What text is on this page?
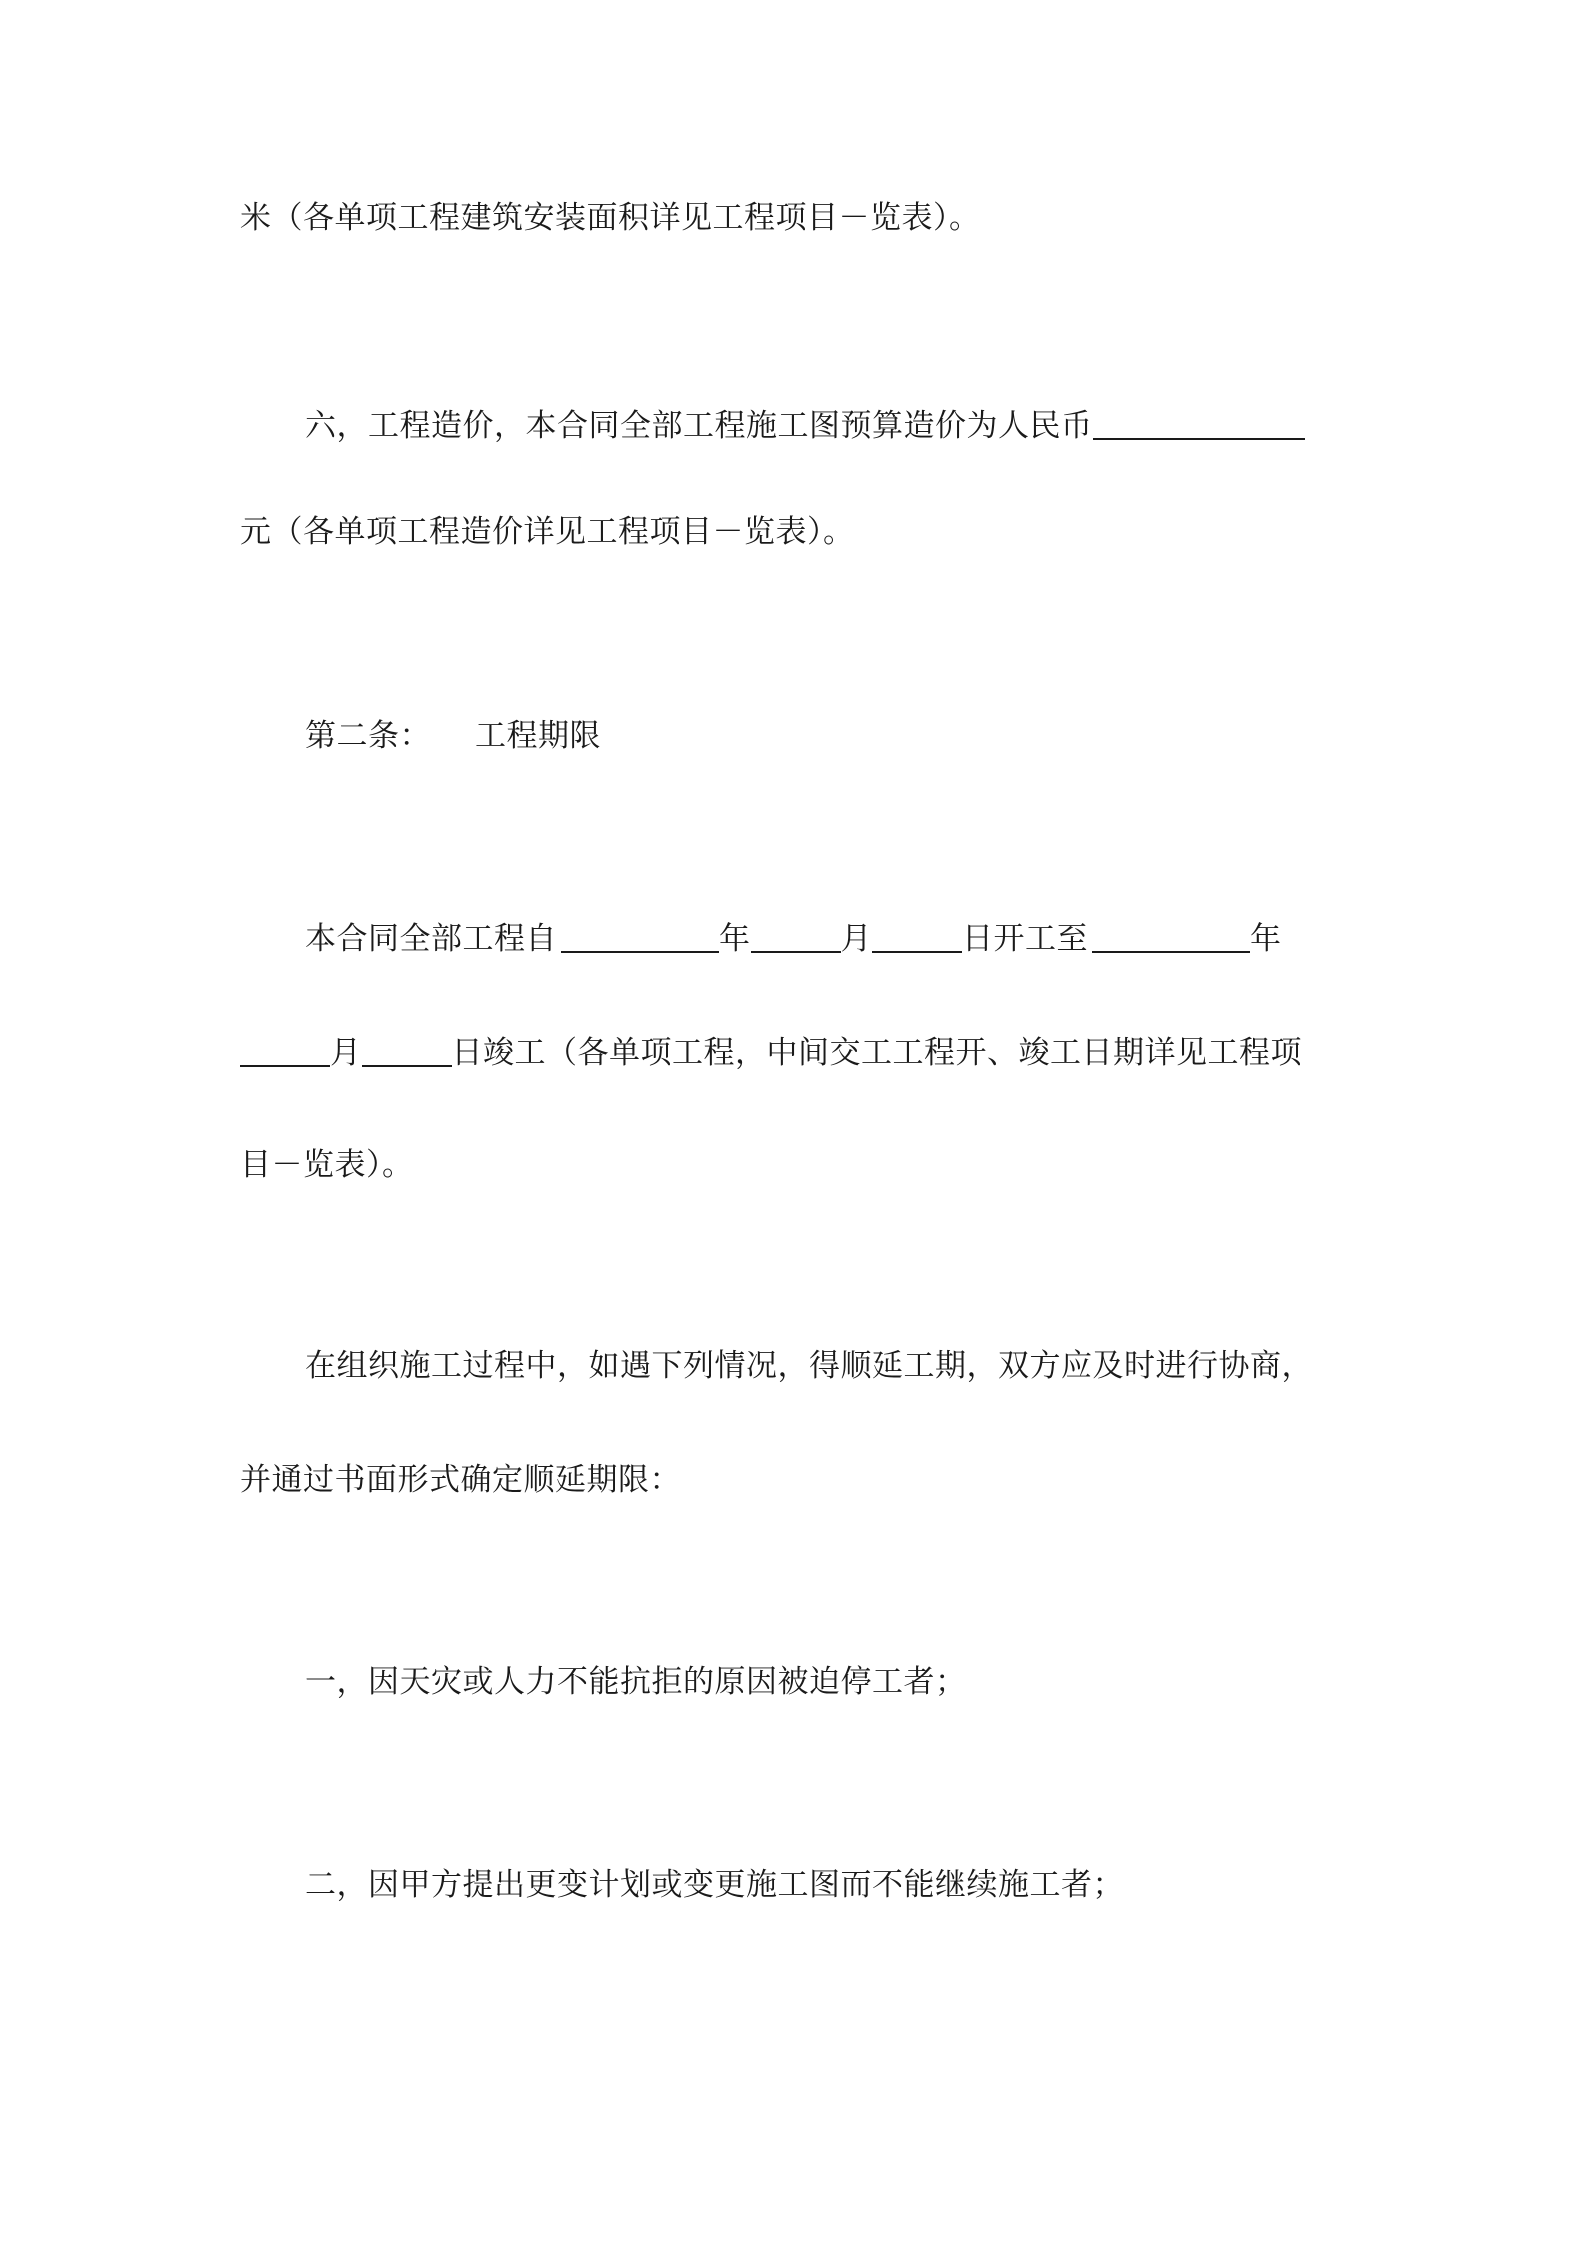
米（各单项工程建筑安装面积详见工程项目－览表）。
六，工程造价，本合同全部工程施工图预算造价为人民币
元（各单项工程造价详见工程项目－览表）。
第二条： 工程期限
本合同全部工程自	年	月	日开工至	年
月	日竣工（各单项工程，中间交工工程开、竣工日期详见工程项
目－览表）。
在组织施工过程中，如遇下列情况，得顺延工期，双方应及时进行协商，
并通过书面形式确定顺延期限：
一，因天灾或人力不能抗拒的原因被迫停工者；
二，因甲方提出更变计划或变更施工图而不能继续施工者；
